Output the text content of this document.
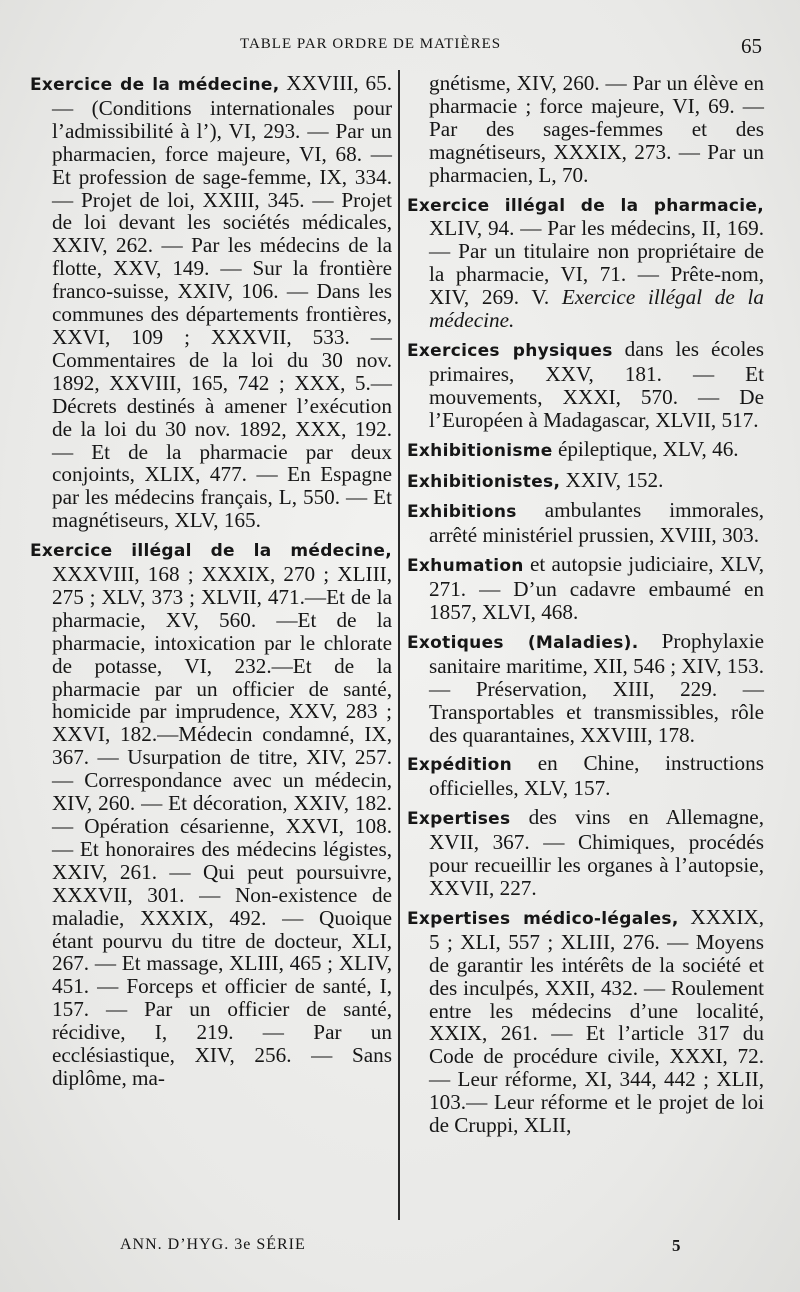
TABLE PAR ORDRE DE MATIÈRES	65

Exercice de la médecine, XXVIII, 65.— (Conditions internationales pour l’admissibilité à l’), VI, 293. — Par un pharmacien, force majeure, VI, 68. — Et profession de sage-femme, IX, 334.— Projet de loi, XXIII, 345. — Projet de loi devant les sociétés médicales, XXIV, 262. — Par les médecins de la flotte, XXV, 149. — Sur la frontière franco-suisse, XXIV, 106. — Dans les communes des départements frontières, XXVI, 109 ; XXXVII, 533. — Commentaires de la loi du 30 nov. 1892, XXVIII, 165, 742 ; XXX, 5.— Décrets destinés à amener l’exécution de la loi du 30 nov. 1892, XXX, 192. — Et de la pharmacie par deux conjoints, XLIX, 477. — En Espagne par les médecins français, L, 550. — Et magnétiseurs, XLV, 165.

Exercice illégal de la médecine, XXXVIII, 168 ; XXXIX, 270 ; XLIII, 275 ; XLV, 373 ; XLVII, 471.—Et de la pharmacie, XV, 560. —Et de la pharmacie, intoxication par le chlorate de potasse, VI, 232.—Et de la pharmacie par un officier de santé, homicide par imprudence, XXV, 283 ; XXVI, 182.—Médecin condamné, IX, 367. — Usurpation de titre, XIV, 257. — Correspondance avec un médecin, XIV, 260. — Et décoration, XXIV, 182. — Opération césarienne, XXVI, 108. — Et honoraires des médecins légistes, XXIV, 261. — Qui peut poursuivre, XXXVII, 301. — Non-existence de maladie, XXXIX, 492. — Quoique étant pourvu du titre de docteur, XLI, 267. — Et massage, XLIII, 465 ; XLIV, 451. — Forceps et officier de santé, I, 157. — Par un officier de santé, récidive, I, 219. — Par un ecclésiastique, XIV, 256. — Sans diplôme, ma-

gnétisme, XIV, 260. — Par un élève en pharmacie ; force majeure, VI, 69. — Par des sages-femmes et des magnétiseurs, XXXIX, 273. — Par un pharmacien, L, 70.

Exercice illégal de la pharmacie, XLIV, 94. — Par les médecins, II, 169. — Par un titulaire non propriétaire de la pharmacie, VI, 71. — Prête-nom, XIV, 269. V. Exercice illégal de la médecine.

Exercices physiques dans les écoles primaires, XXV, 181. — Et mouvements, XXXI, 570. — De l’Européen à Madagascar, XLVII, 517.

Exhibitionisme épileptique, XLV, 46.

Exhibitionistes, XXIV, 152.

Exhibitions ambulantes immorales, arrêté ministériel prussien, XVIII, 303.

Exhumation et autopsie judiciaire, XLV, 271. — D’un cadavre embaumé en 1857, XLVI, 468.

Exotiques (Maladies). Prophylaxie sanitaire maritime, XII, 546 ; XIV, 153. — Préservation, XIII, 229. — Transportables et transmissibles, rôle des quarantaines, XXVIII, 178.

Expédition en Chine, instructions officielles, XLV, 157.

Expertises des vins en Allemagne, XVII, 367. — Chimiques, procédés pour recueillir les organes à l’autopsie, XXVII, 227.

Expertises médico-légales, XXXIX, 5 ; XLI, 557 ; XLIII, 276. — Moyens de garantir les intérêts de la société et des inculpés, XXII, 432. — Roulement entre les médecins d’une localité, XXIX, 261. — Et l’article 317 du Code de procédure civile, XXXI, 72. — Leur réforme, XI, 344, 442 ; XLII, 103.— Leur réforme et le projet de loi de Cruppi, XLII,

ANN. D’HYG. 3e SÉRIE	5
